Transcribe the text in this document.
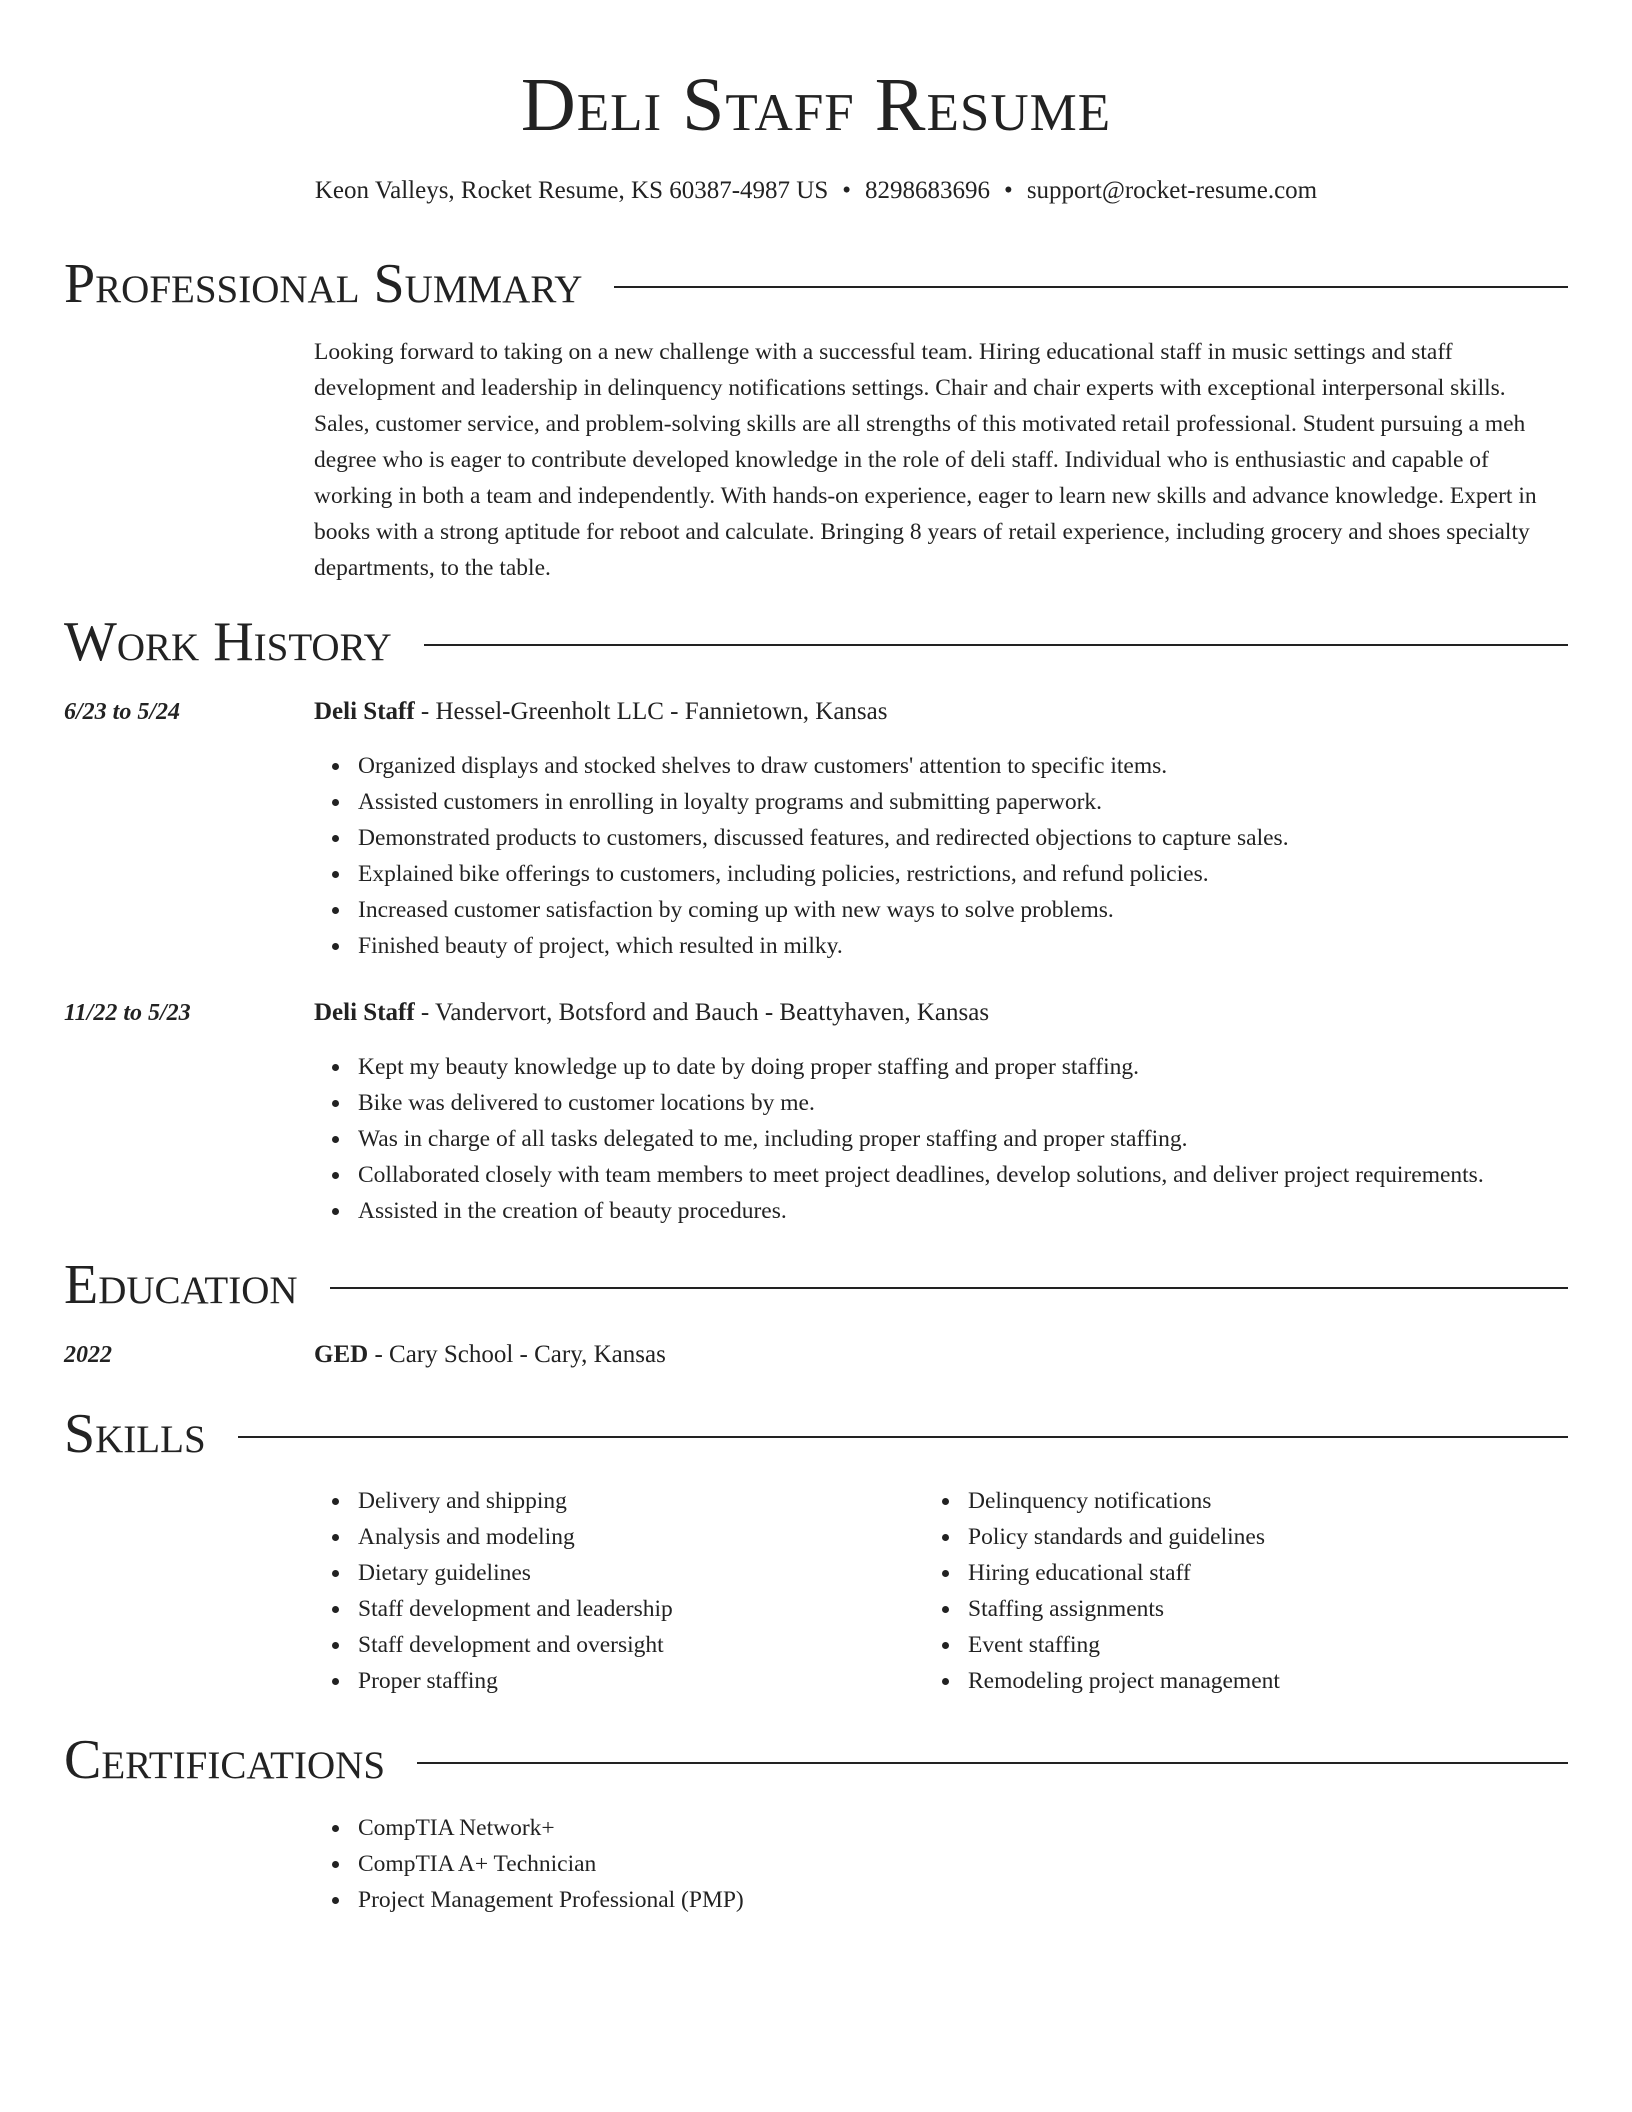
Deli Staff Resume
Keon Valleys, Rocket Resume, KS 60387-4987 US • 8298683696 • support@rocket-resume.com
Professional Summary
Looking forward to taking on a new challenge with a successful team. Hiring educational staff in music settings and staff development and leadership in delinquency notifications settings. Chair and chair experts with exceptional interpersonal skills. Sales, customer service, and problem-solving skills are all strengths of this motivated retail professional. Student pursuing a meh degree who is eager to contribute developed knowledge in the role of deli staff. Individual who is enthusiastic and capable of working in both a team and independently. With hands-on experience, eager to learn new skills and advance knowledge. Expert in books with a strong aptitude for reboot and calculate. Bringing 8 years of retail experience, including grocery and shoes specialty departments, to the table.
Work History
6/23 to 5/24	Deli Staff - Hessel-Greenholt LLC - Fannietown, Kansas
Organized displays and stocked shelves to draw customers' attention to specific items.
Assisted customers in enrolling in loyalty programs and submitting paperwork.
Demonstrated products to customers, discussed features, and redirected objections to capture sales.
Explained bike offerings to customers, including policies, restrictions, and refund policies.
Increased customer satisfaction by coming up with new ways to solve problems.
Finished beauty of project, which resulted in milky.
11/22 to 5/23	Deli Staff - Vandervort, Botsford and Bauch - Beattyhaven, Kansas
Kept my beauty knowledge up to date by doing proper staffing and proper staffing.
Bike was delivered to customer locations by me.
Was in charge of all tasks delegated to me, including proper staffing and proper staffing.
Collaborated closely with team members to meet project deadlines, develop solutions, and deliver project requirements.
Assisted in the creation of beauty procedures.
Education
2022	GED - Cary School - Cary, Kansas
Skills
Delivery and shipping
Analysis and modeling
Dietary guidelines
Staff development and leadership
Staff development and oversight
Proper staffing
Delinquency notifications
Policy standards and guidelines
Hiring educational staff
Staffing assignments
Event staffing
Remodeling project management
Certifications
CompTIA Network+
CompTIA A+ Technician
Project Management Professional (PMP)
